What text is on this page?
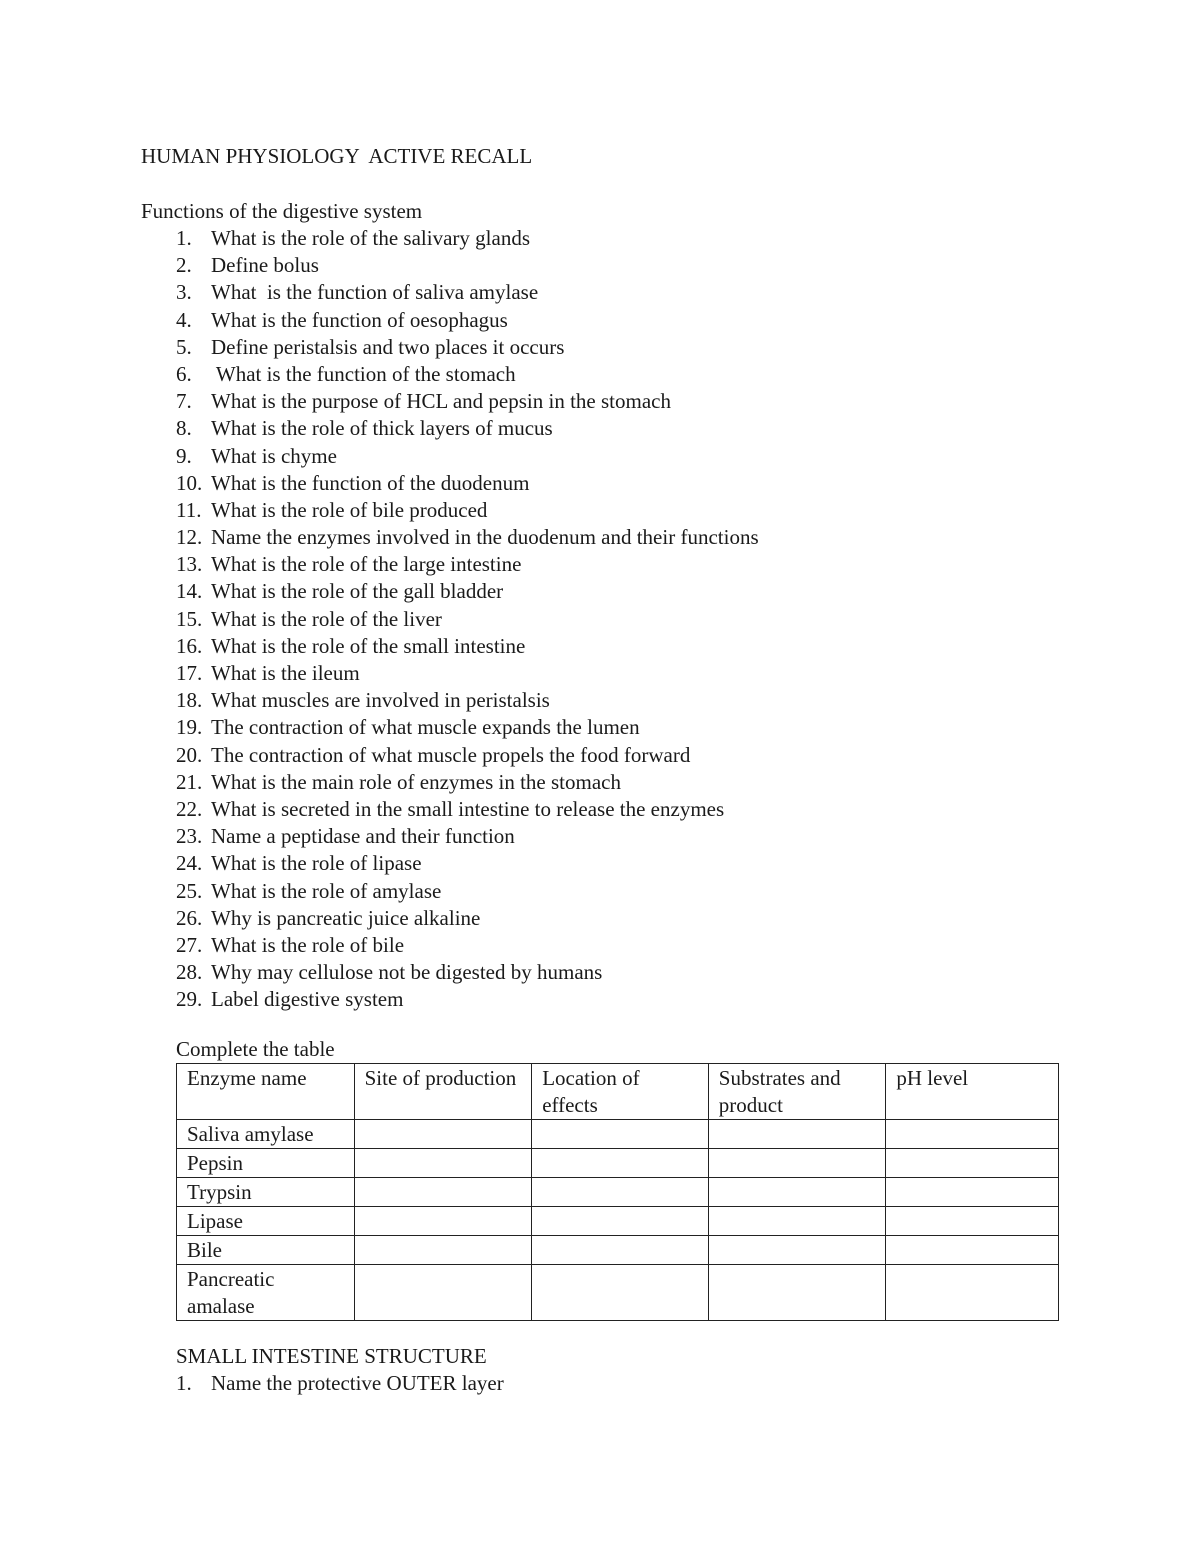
HUMAN PHYSIOLOGY  ACTIVE RECALL
Functions of the digestive system
1. What is the role of the salivary glands
2. Define bolus
3. What  is the function of saliva amylase
4. What is the function of oesophagus
5. Define peristalsis and two places it occurs
6. What is the function of the stomach
7. What is the purpose of HCL and pepsin in the stomach
8. What is the role of thick layers of mucus
9. What is chyme
10. What is the function of the duodenum
11. What is the role of bile produced
12. Name the enzymes involved in the duodenum and their functions
13. What is the role of the large intestine
14. What is the role of the gall bladder
15. What is the role of the liver
16. What is the role of the small intestine
17. What is the ileum
18. What muscles are involved in peristalsis
19. The contraction of what muscle expands the lumen
20. The contraction of what muscle propels the food forward
21. What is the main role of enzymes in the stomach
22. What is secreted in the small intestine to release the enzymes
23. Name a peptidase and their function
24. What is the role of lipase
25. What is the role of amylase
26. Why is pancreatic juice alkaline
27. What is the role of bile
28. Why may cellulose not be digested by humans
29. Label digestive system
Complete the table
Enzyme name	Site of production	Location of effects	Substrates and product	pH level
Saliva amylase				
Pepsin				
Trypsin				
Lipase				
Bile				
Pancreatic amalase				
SMALL INTESTINE STRUCTURE
1. Name the protective OUTER layer
